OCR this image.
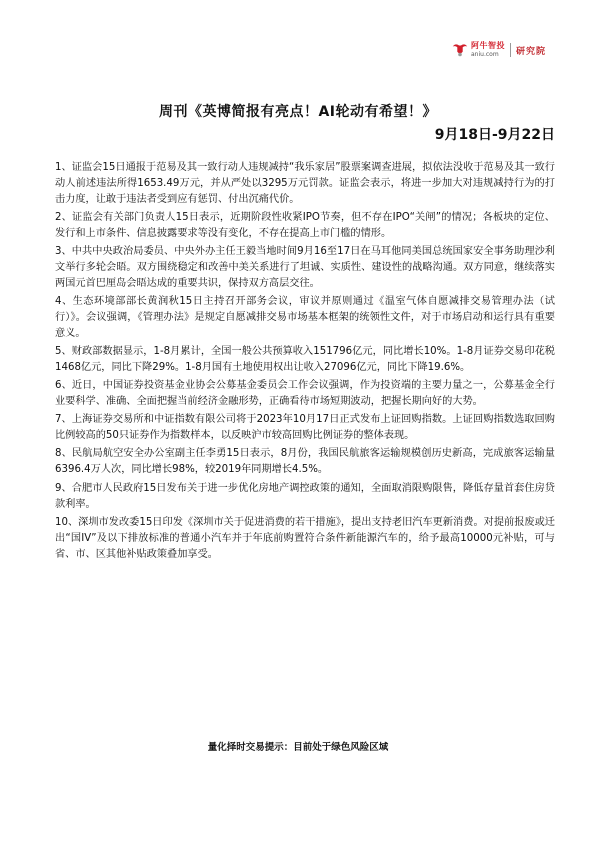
阿牛智投
aniu.com	研究院
周刊《英博简报有亮点！AI轮动有希望！》
9月18日-9月22日
1、证监会15日通报于范易及其一致行动人违规减持“我乐家居”股票案调查进展，拟依法没收于范易及其一致行动人前述违法所得1653.49万元，并从严处以3295万元罚款。证监会表示，将进一步加大对违规减持行为的打击力度，让敢于违法者受到应有惩罚、付出沉痛代价。
2、证监会有关部门负责人15日表示，近期阶段性收紧IPO节奏，但不存在IPO“关闸”的情况；各板块的定位、发行和上市条件、信息披露要求等没有变化，不存在提高上市门槛的情形。
3、中共中央政治局委员、中央外办主任王毅当地时间9月16至17日在马耳他同美国总统国家安全事务助理沙利文举行多轮会晤。双方围绕稳定和改善中美关系进行了坦诚、实质性、建设性的战略沟通。双方同意，继续落实两国元首巴厘岛会晤达成的重要共识，保持双方高层交往。
4、生态环境部部长黄润秋15日主持召开部务会议，审议并原则通过《温室气体自愿减排交易管理办法（试行）》。会议强调，《管理办法》是规定自愿减排交易市场基本框架的统领性文件，对于市场启动和运行具有重要意义。
5、财政部数据显示，1-8月累计，全国一般公共预算收入151796亿元，同比增长10%。1-8月证券交易印花税1468亿元，同比下降29%。1-8月国有土地使用权出让收入27096亿元，同比下降19.6%。
6、近日，中国证券投资基金业协会公募基金委员会工作会议强调，作为投资端的主要力量之一，公募基金全行业要科学、准确、全面把握当前经济金融形势，正确看待市场短期波动，把握长期向好的大势。
7、上海证券交易所和中证指数有限公司将于2023年10月17日正式发布上证回购指数。上证回购指数选取回购比例较高的50只证券作为指数样本，以反映沪市较高回购比例证券的整体表现。
8、民航局航空安全办公室副主任李勇15日表示，8月份，我国民航旅客运输规模创历史新高，完成旅客运输量6396.4万人次，同比增长98%，较2019年同期增长4.5%。
9、合肥市人民政府15日发布关于进一步优化房地产调控政策的通知，全面取消限购限售，降低存量首套住房贷款利率。
10、深圳市发改委15日印发《深圳市关于促进消费的若干措施》，提出支持老旧汽车更新消费。对提前报废或迁出“国IV”及以下排放标准的普通小汽车并于年底前购置符合条件新能源汽车的，给予最高10000元补贴，可与省、市、区其他补贴政策叠加享受。
量化择时交易提示：目前处于绿色风险区域
